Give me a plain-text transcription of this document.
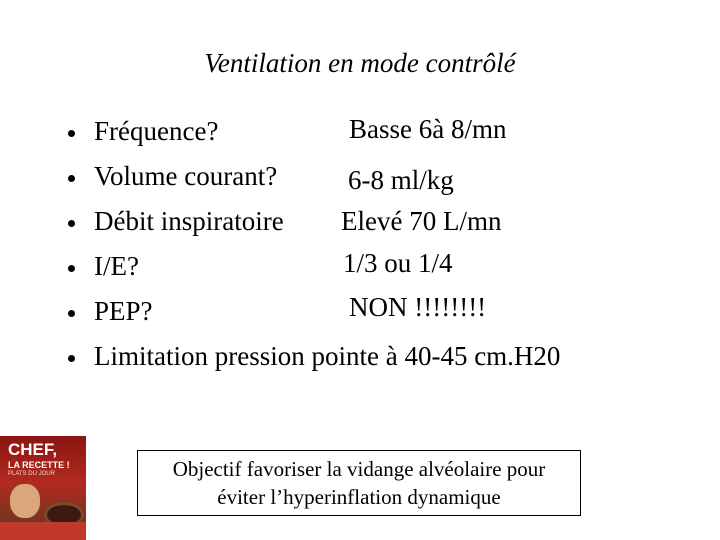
Ventilation en mode contrôlé
Fréquence?
Volume courant?
Débit inspiratoire
I/E?
PEP?
Limitation pression pointe à 40-45 cm.H20
Basse 6à 8/mn
6-8 ml/kg
Elevé 70 L/mn
1/3 ou 1/4
NON !!!!!!!!
CHEF,
LA RECETTE !
PLATS DU JOUR	Objectif favoriser la vidange alvéolaire pour
éviter l’hyperinflation dynamique
